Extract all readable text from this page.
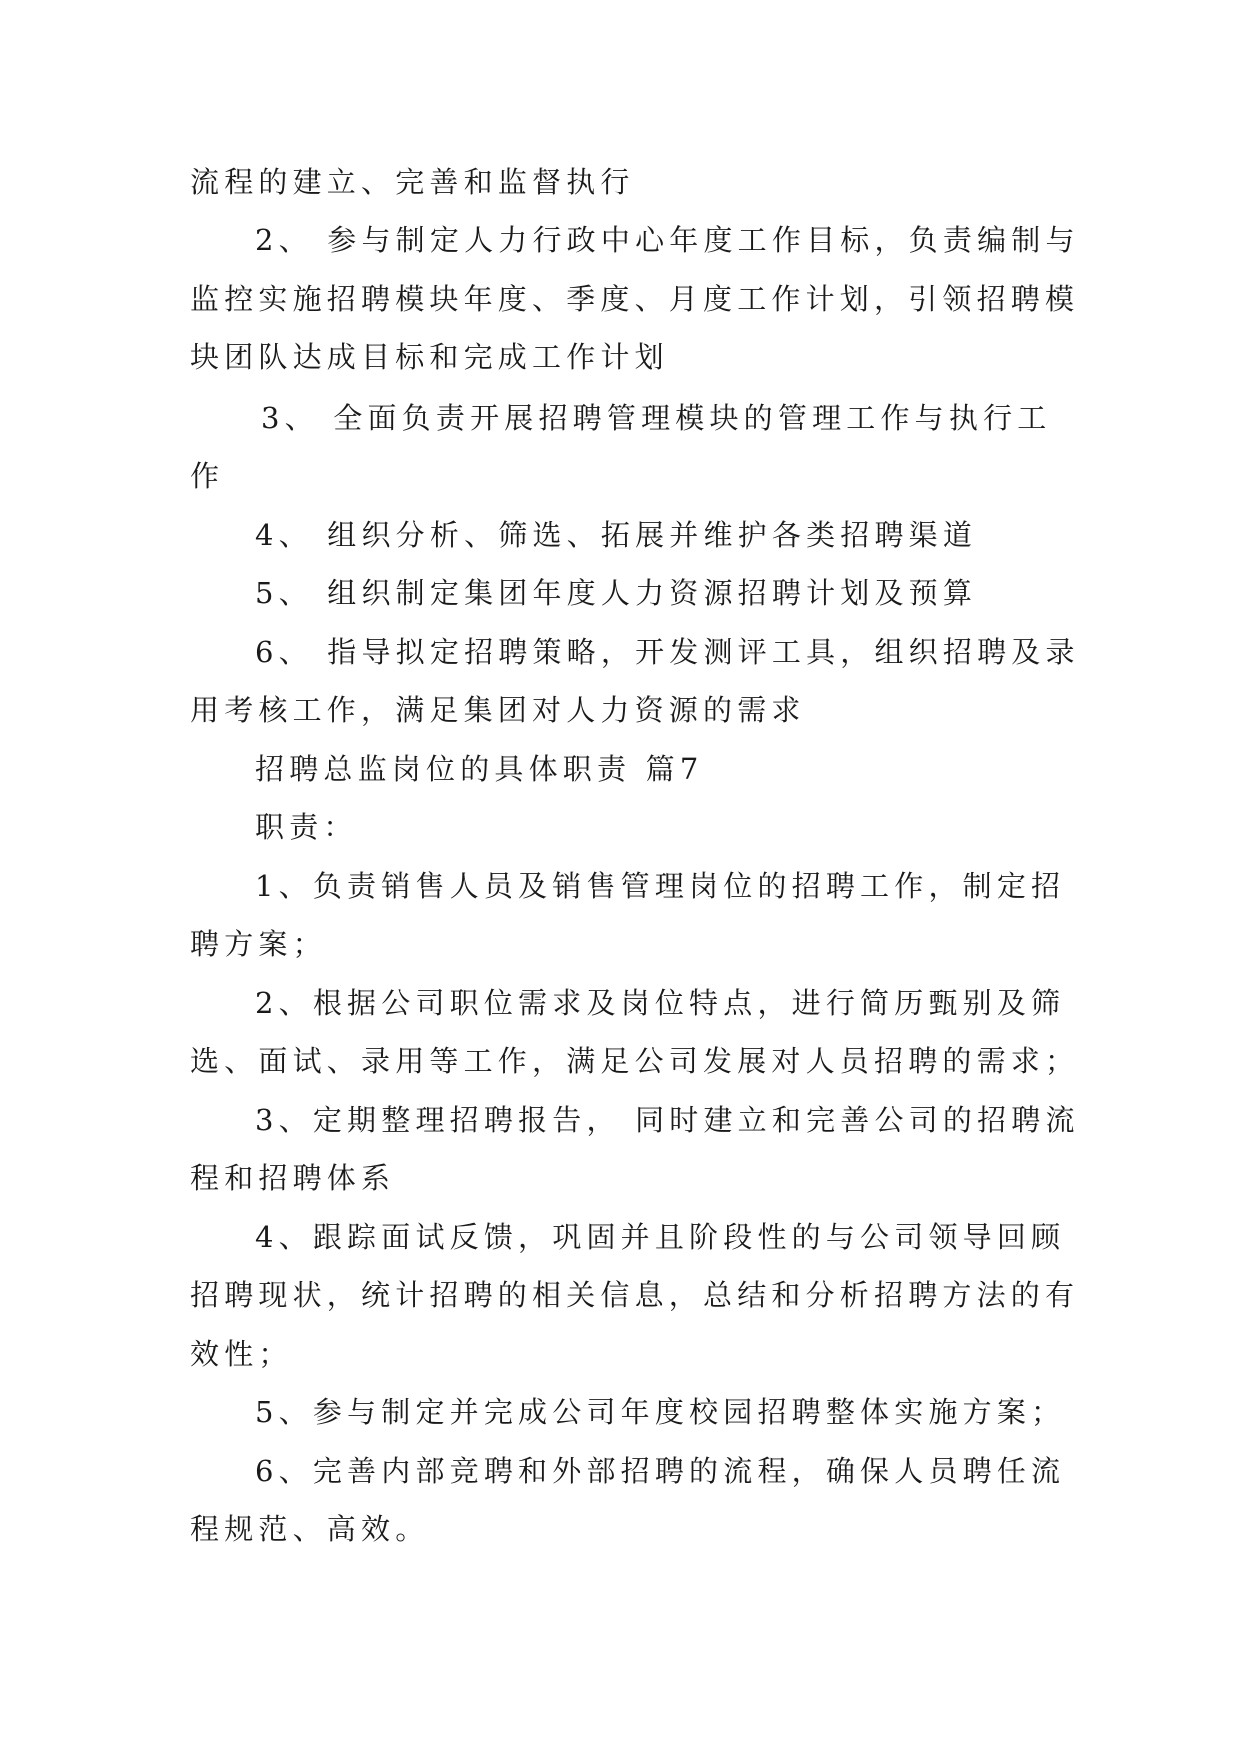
流程的建立、完善和监督执行
2、 参与制定人力行政中心年度工作目标，负责编制与
监控实施招聘模块年度、季度、月度工作计划，引领招聘模
块团队达成目标和完成工作计划
3、 全面负责开展招聘管理模块的管理工作与执行工
作
4、 组织分析、筛选、拓展并维护各类招聘渠道
5、 组织制定集团年度人力资源招聘计划及预算
6、 指导拟定招聘策略，开发测评工具，组织招聘及录
用考核工作，满足集团对人力资源的需求
招聘总监岗位的具体职责 篇7
职责：
1、负责销售人员及销售管理岗位的招聘工作，制定招
聘方案；
2、根据公司职位需求及岗位特点，进行简历甄别及筛
选、面试、录用等工作，满足公司发展对人员招聘的需求；
3、定期整理招聘报告， 同时建立和完善公司的招聘流
程和招聘体系
4、跟踪面试反馈，巩固并且阶段性的与公司领导回顾
招聘现状，统计招聘的相关信息，总结和分析招聘方法的有
效性；
5、参与制定并完成公司年度校园招聘整体实施方案；
6、完善内部竞聘和外部招聘的流程，确保人员聘任流
程规范、高效。
